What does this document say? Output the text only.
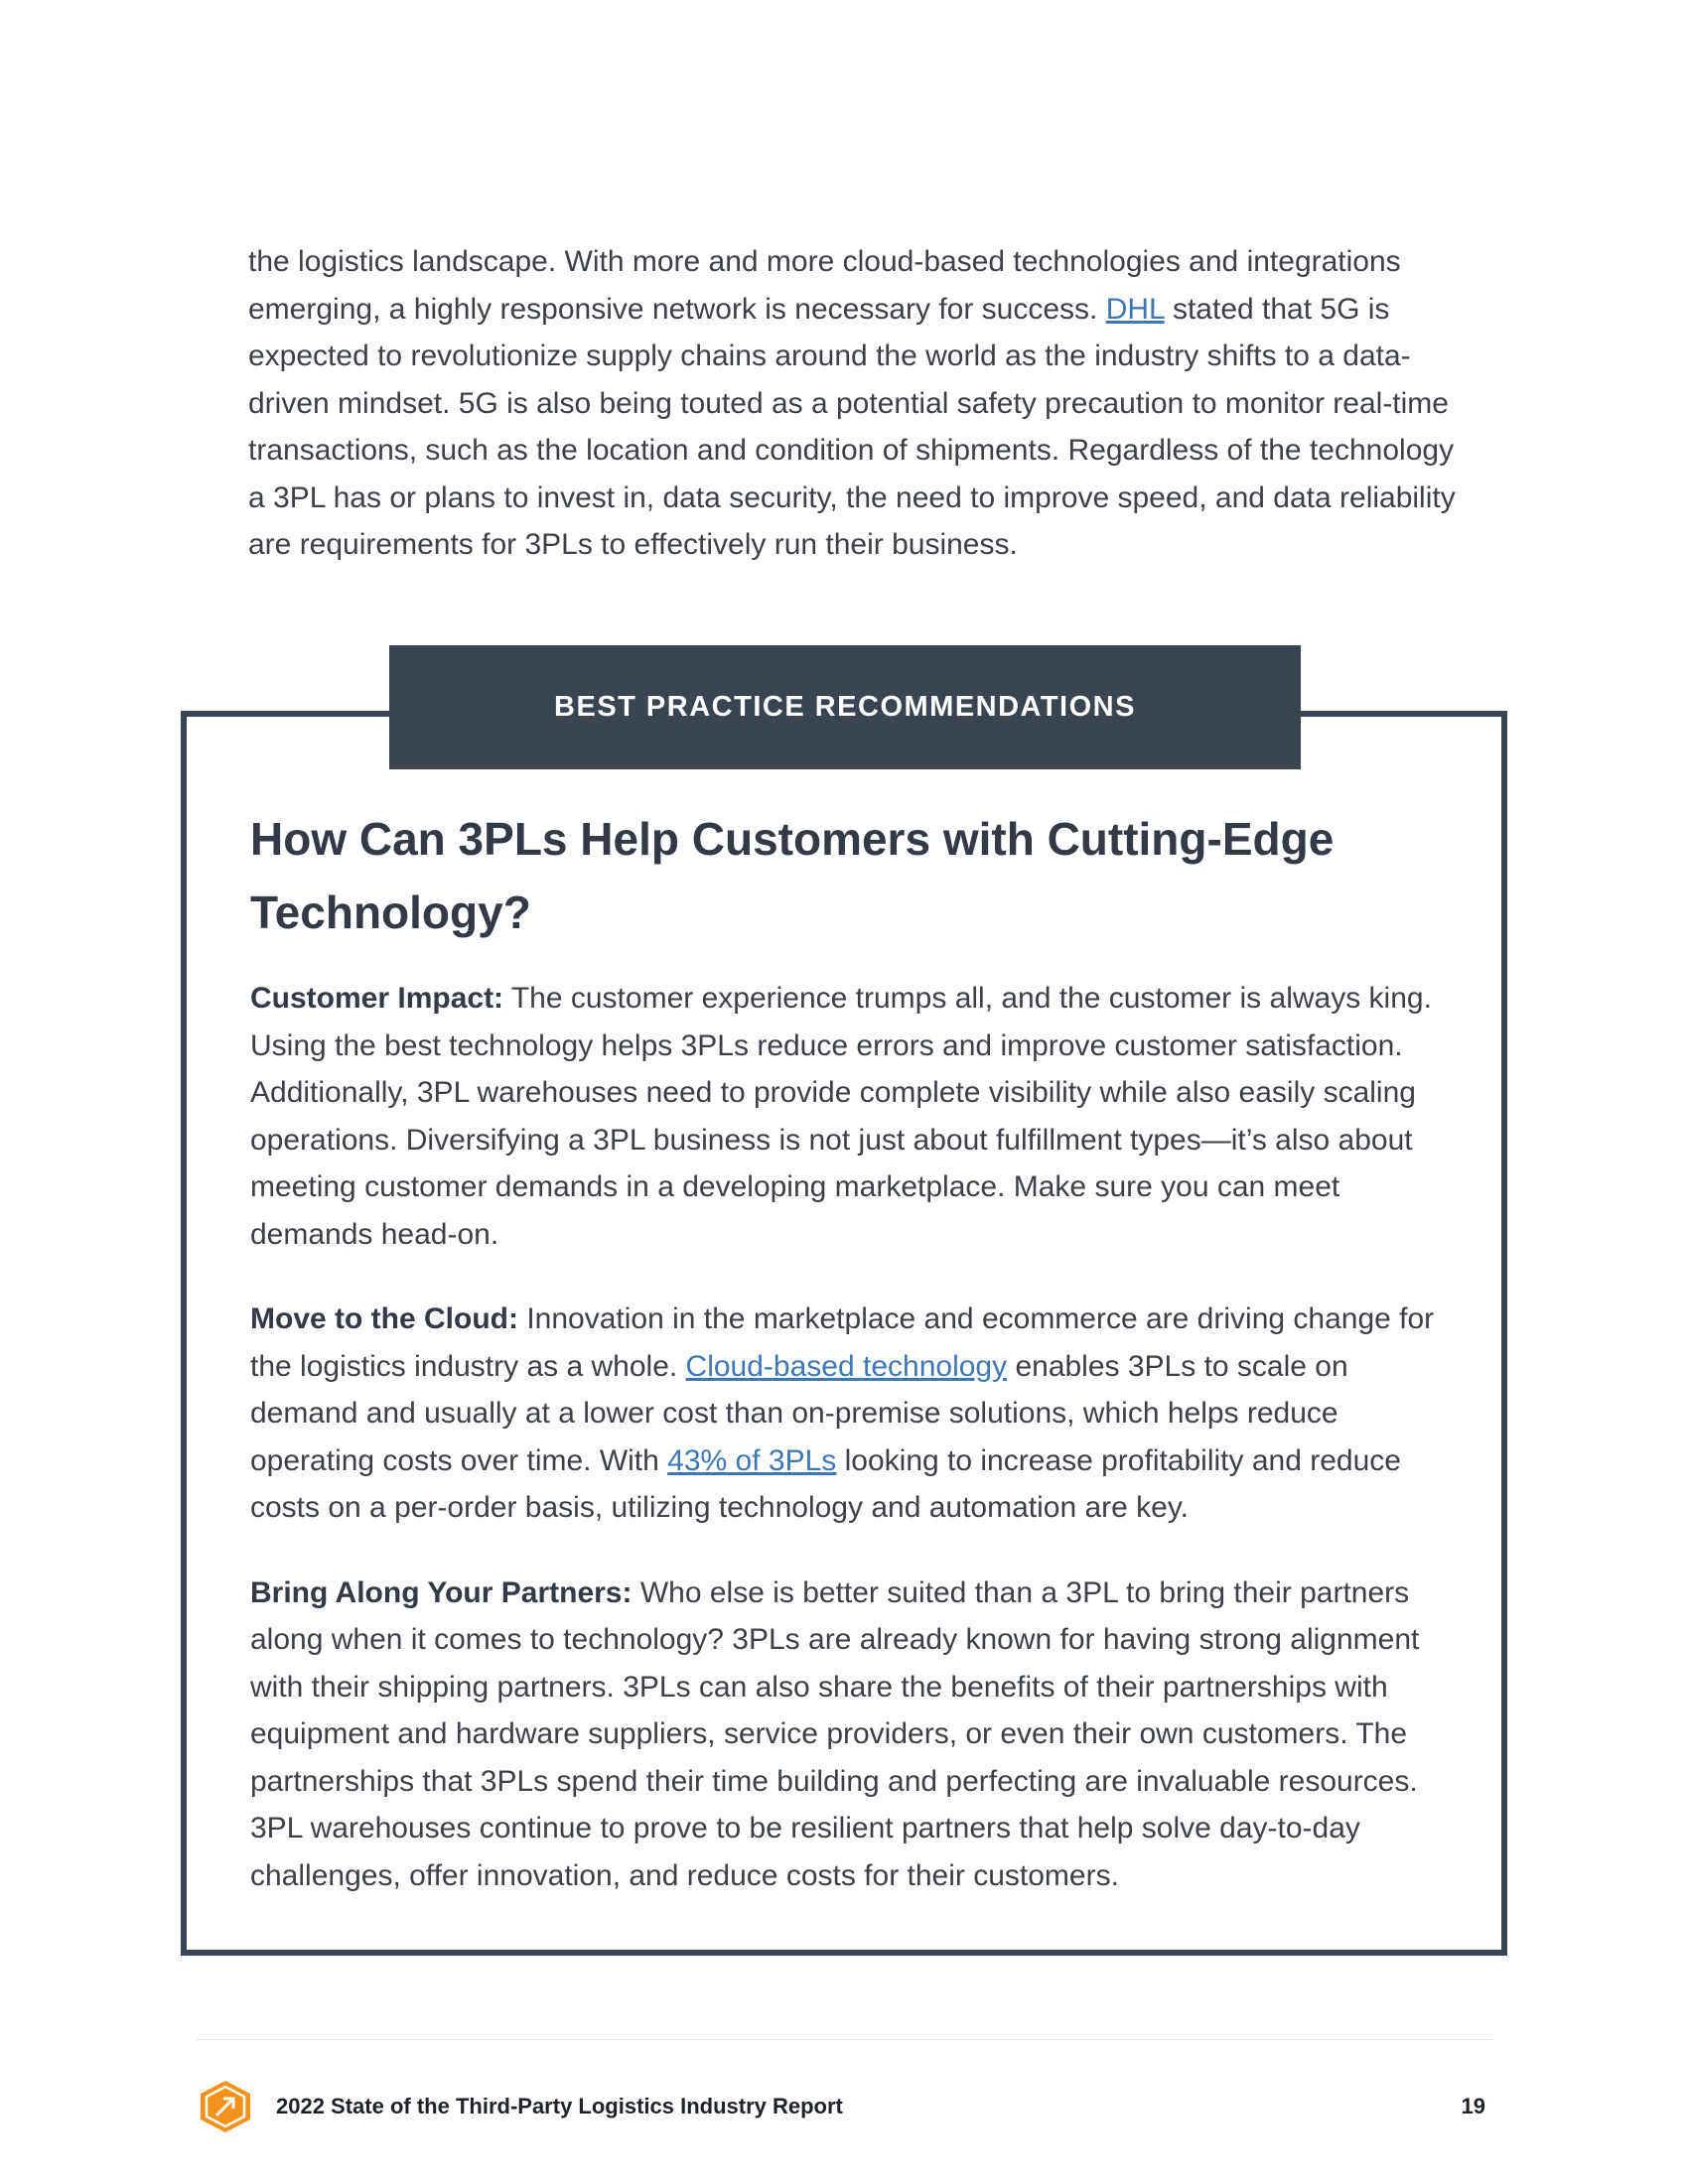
the logistics landscape. With more and more cloud-based technologies and integrations emerging, a highly responsive network is necessary for success. DHL stated that 5G is expected to revolutionize supply chains around the world as the industry shifts to a data-driven mindset. 5G is also being touted as a potential safety precaution to monitor real-time transactions, such as the location and condition of shipments. Regardless of the technology a 3PL has or plans to invest in, data security, the need to improve speed, and data reliability are requirements for 3PLs to effectively run their business.

BEST PRACTICE RECOMMENDATIONS
How Can 3PLs Help Customers with Cutting-Edge Technology?

Customer Impact: The customer experience trumps all, and the customer is always king. Using the best technology helps 3PLs reduce errors and improve customer satisfaction. Additionally, 3PL warehouses need to provide complete visibility while also easily scaling operations. Diversifying a 3PL business is not just about fulfillment types—it’s also about meeting customer demands in a developing marketplace. Make sure you can meet demands head-on.

Move to the Cloud: Innovation in the marketplace and ecommerce are driving change for the logistics industry as a whole. Cloud-based technology enables 3PLs to scale on demand and usually at a lower cost than on-premise solutions, which helps reduce operating costs over time. With 43% of 3PLs looking to increase profitability and reduce costs on a per-order basis, utilizing technology and automation are key.

Bring Along Your Partners: Who else is better suited than a 3PL to bring their partners along when it comes to technology? 3PLs are already known for having strong alignment with their shipping partners. 3PLs can also share the benefits of their partnerships with equipment and hardware suppliers, service providers, or even their own customers. The partnerships that 3PLs spend their time building and perfecting are invaluable resources. 3PL warehouses continue to prove to be resilient partners that help solve day-to-day challenges, offer innovation, and reduce costs for their customers.

2022 State of the Third-Party Logistics Industry Report	19
